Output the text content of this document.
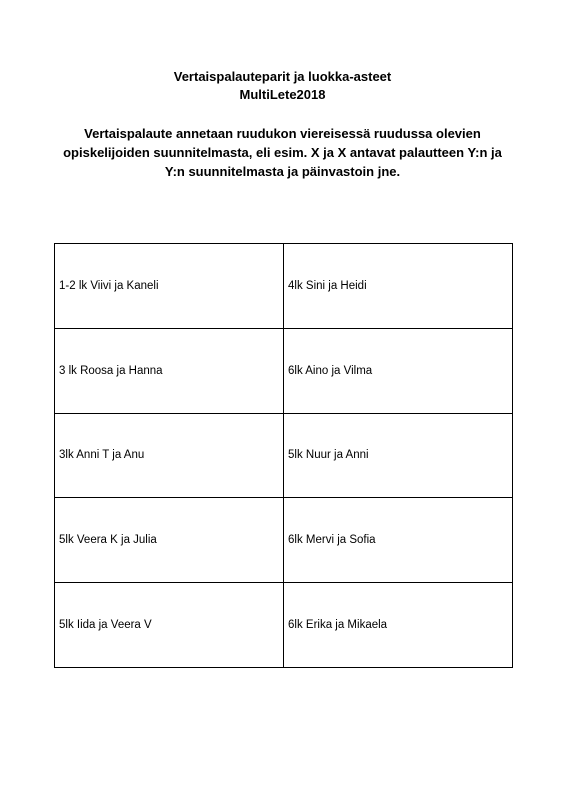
Vertaispalauteparit ja luokka-asteet
MultiLete2018
Vertaispalaute annetaan ruudukon viereisessä ruudussa olevien
opiskelijoiden suunnitelmasta, eli esim. X ja X antavat palautteen Y:n ja
Y:n suunnitelmasta ja päinvastoin jne.
1-2 lk Viivi ja Kaneli	4lk Sini ja Heidi
3 lk Roosa ja Hanna	6lk Aino ja Vilma
3lk Anni T ja Anu	5lk Nuur ja Anni
5lk Veera K ja Julia	6lk Mervi ja Sofia
5lk Iida ja Veera V	6lk Erika ja Mikaela
